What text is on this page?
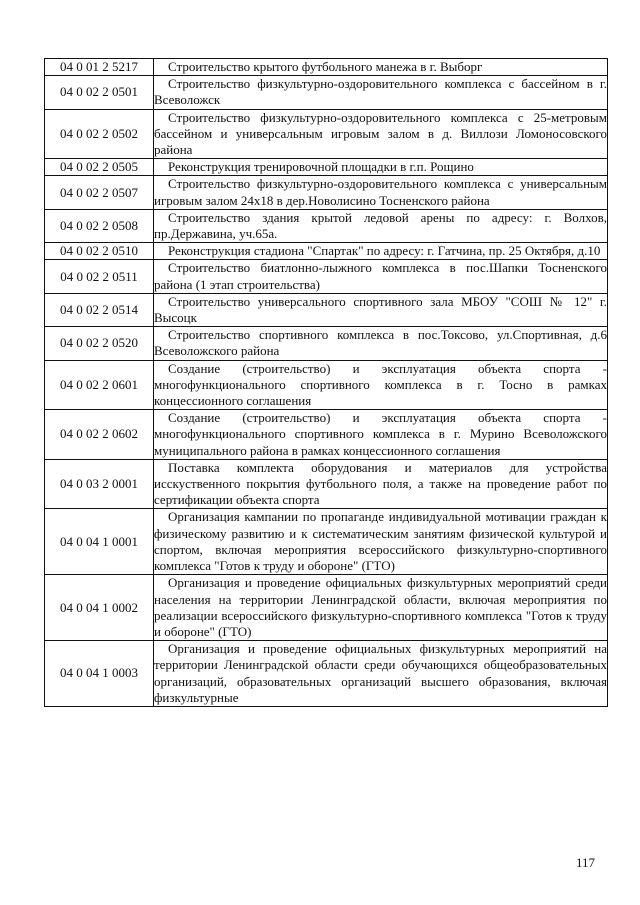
04 0 01 2 5217	Строительство крытого футбольного манежа в г. Выборг

04 0 02 2 0501	Строительство физкультурно-оздоровительного комплекса с бассейном в г. Всеволожск

04 0 02 2 0502	Строительство физкультурно-оздоровительного комплекса с 25-метровым бассейном и универсальным игровым залом в д. Виллози Ломоносовского района

04 0 02 2 0505	Реконструкция тренировочной площадки в г.п. Рощино

04 0 02 2 0507	Строительство физкультурно-оздоровительного комплекса с универсальным игровым залом 24х18 в дер.Новолисино Тосненского района

04 0 02 2 0508	Строительство здания крытой ледовой арены по адресу: г. Волхов, пр.Державина, уч.65а.

04 0 02 2 0510	Реконструкция стадиона "Спартак" по адресу: г. Гатчина, пр. 25 Октября, д.10

04 0 02 2 0511	Строительство биатлонно-лыжного комплекса в пос.Шапки Тосненского района (1 этап строительства)

04 0 02 2 0514	Строительство универсального спортивного зала МБОУ "СОШ № 12" г. Высоцк

04 0 02 2 0520	Строительство спортивного комплекса в пос.Токсово, ул.Спортивная, д.6 Всеволожского района

04 0 02 2 0601	Создание (строительство) и эксплуатация объекта спорта - многофункционального спортивного комплекса в г. Тосно в рамках концессионного соглашения

04 0 02 2 0602	Создание (строительство) и эксплуатация объекта спорта - многофункционального спортивного комплекса в г. Мурино Всеволожского муниципального района в рамках концессионного соглашения

04 0 03 2 0001	Поставка комплекта оборудования и материалов для устройства исскуственного покрытия футбольного поля, а также на проведение работ по сертификации объекта спорта

04 0 04 1 0001	Организация кампании по пропаганде индивидуальной мотивации граждан к физическому развитию и к систематическим занятиям физической культурой и спортом, включая мероприятия всероссийского физкультурно-спортивного комплекса "Готов к труду и обороне" (ГТО)

04 0 04 1 0002	Организация и проведение официальных физкультурных мероприятий среди населения на территории Ленинградской области, включая мероприятия по реализации всероссийского физкультурно-спортивного комплекса "Готов к труду и обороне" (ГТО)

04 0 04 1 0003	Организация и проведение официальных физкультурных мероприятий на территории Ленинградской области среди обучающихся общеобразовательных организаций, образовательных организаций высшего образования, включая физкультурные
117
